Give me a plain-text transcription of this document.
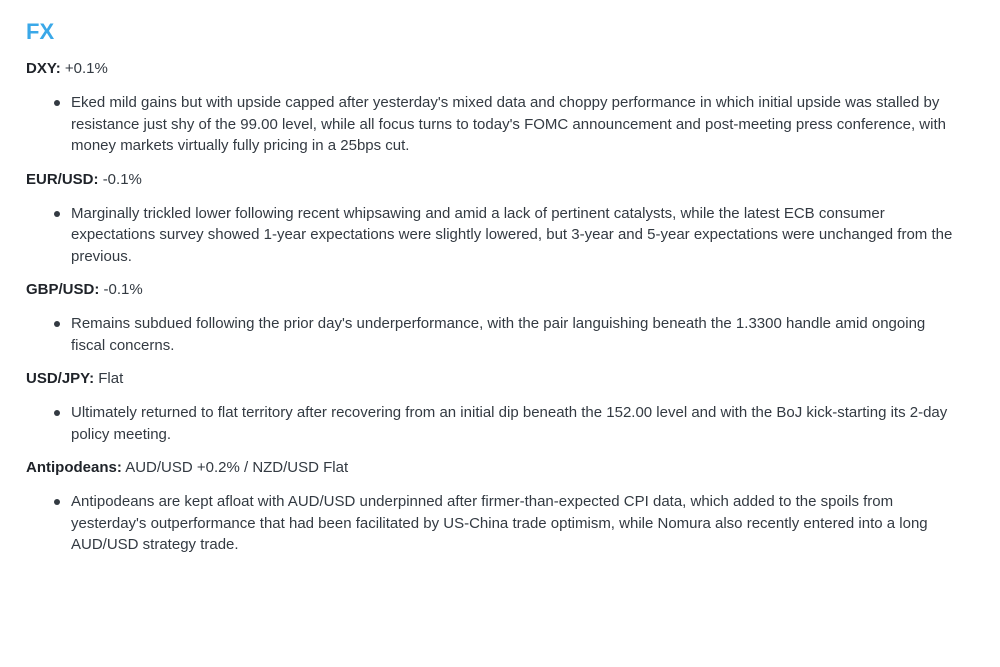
FX
DXY: +0.1%
Eked mild gains but with upside capped after yesterday's mixed data and choppy performance in which initial upside was stalled by resistance just shy of the 99.00 level, while all focus turns to today's FOMC announcement and post-meeting press conference, with money markets virtually fully pricing in a 25bps cut.
EUR/USD: -0.1%
Marginally trickled lower following recent whipsawing and amid a lack of pertinent catalysts, while the latest ECB consumer expectations survey showed 1-year expectations were slightly lowered, but 3-year and 5-year expectations were unchanged from the previous.
GBP/USD: -0.1%
Remains subdued following the prior day's underperformance, with the pair languishing beneath the 1.3300 handle amid ongoing fiscal concerns.
USD/JPY: Flat
Ultimately returned to flat territory after recovering from an initial dip beneath the 152.00 level and with the BoJ kick-starting its 2-day policy meeting.
Antipodeans: AUD/USD +0.2% / NZD/USD Flat
Antipodeans are kept afloat with AUD/USD underpinned after firmer-than-expected CPI data, which added to the spoils from yesterday's outperformance that had been facilitated by US-China trade optimism, while Nomura also recently entered into a long AUD/USD strategy trade.
